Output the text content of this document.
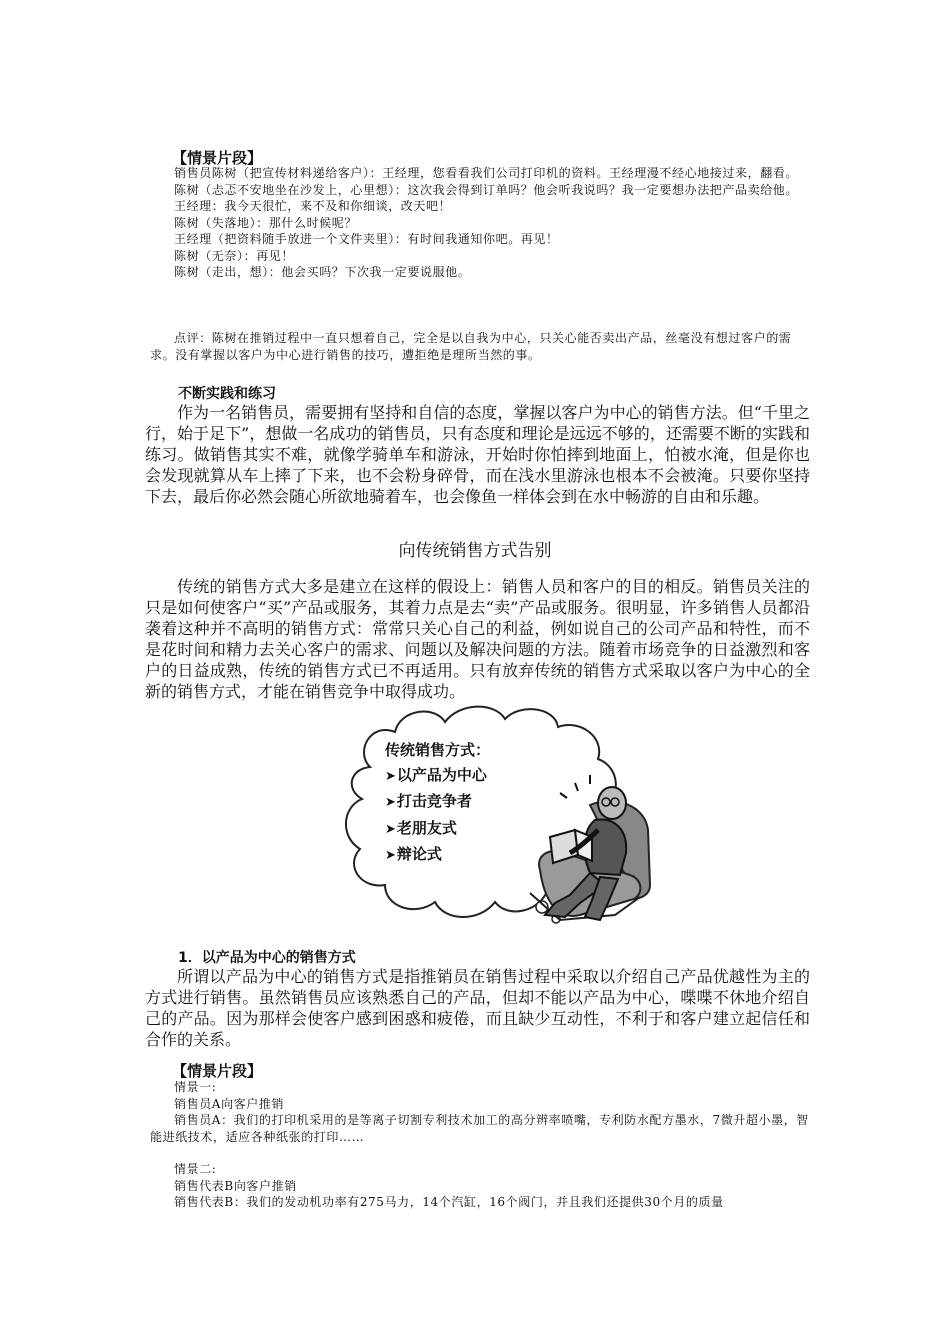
【情景片段】

销售员陈树（把宣传材料递给客户）：王经理，您看看我们公司打印机的资料。王经理漫不经心地接过来，翻看。

陈树（忐忑不安地坐在沙发上，心里想）：这次我会得到订单吗？他会听我说吗？我一定要想办法把产品卖给他。

王经理：我今天很忙，来不及和你细谈，改天吧！

陈树（失落地）：那什么时候呢？

王经理（把资料随手放进一个文件夹里）：有时间我通知你吧。再见！

陈树（无奈）：再见！

陈树（走出，想）：他会买吗？下次我一定要说服他。

点评：陈树在推销过程中一直只想着自己，完全是以自我为中心，只关心能否卖出产品，丝毫没有想过客户的需求。没有掌握以客户为中心进行销售的技巧，遭拒绝是理所当然的事。

不断实践和练习

作为一名销售员，需要拥有坚持和自信的态度，掌握以客户为中心的销售方法。但“千里之行，始于足下”，想做一名成功的销售员，只有态度和理论是远远不够的，还需要不断的实践和练习。做销售其实不难，就像学骑单车和游泳，开始时你怕摔到地面上，怕被水淹，但是你也会发现就算从车上摔了下来，也不会粉身碎骨，而在浅水里游泳也根本不会被淹。只要你坚持下去，最后你必然会随心所欲地骑着车，也会像鱼一样体会到在水中畅游的自由和乐趣。

向传统销售方式告别

传统的销售方式大多是建立在这样的假设上：销售人员和客户的目的相反。销售员关注的只是如何使客户“买”产品或服务，其着力点是去“卖”产品或服务。很明显，许多销售人员都沿袭着这种并不高明的销售方式：常常只关心自己的利益，例如说自己的公司产品和特性，而不是花时间和精力去关心客户的需求、问题以及解决问题的方法。随着市场竞争的日益激烈和客户的日益成熟，传统的销售方式已不再适用。只有放弃传统的销售方式采取以客户为中心的全新的销售方式，才能在销售竞争中取得成功。

传统销售方式：
➤以产品为中心
➤打击竞争者
➤老朋友式
➤辩论式
1．以产品为中心的销售方式

所谓以产品为中心的销售方式是指推销员在销售过程中采取以介绍自己产品优越性为主的方式进行销售。虽然销售员应该熟悉自己的产品，但却不能以产品为中心，喋喋不休地介绍自己的产品。因为那样会使客户感到困惑和疲倦，而且缺少互动性，不利于和客户建立起信任和合作的关系。

【情景片段】

情景一:

销售员A向客户推销

销售员A：我们的打印机采用的是等离子切割专利技术加工的高分辨率喷嘴，专利防水配方墨水，7微升超小墨，智能进纸技术，适应各种纸张的打印……

情景二:

销售代表B向客户推销

销售代表B：我们的发动机功率有275马力，14个汽缸，16个阀门，并且我们还提供30个月的质量
